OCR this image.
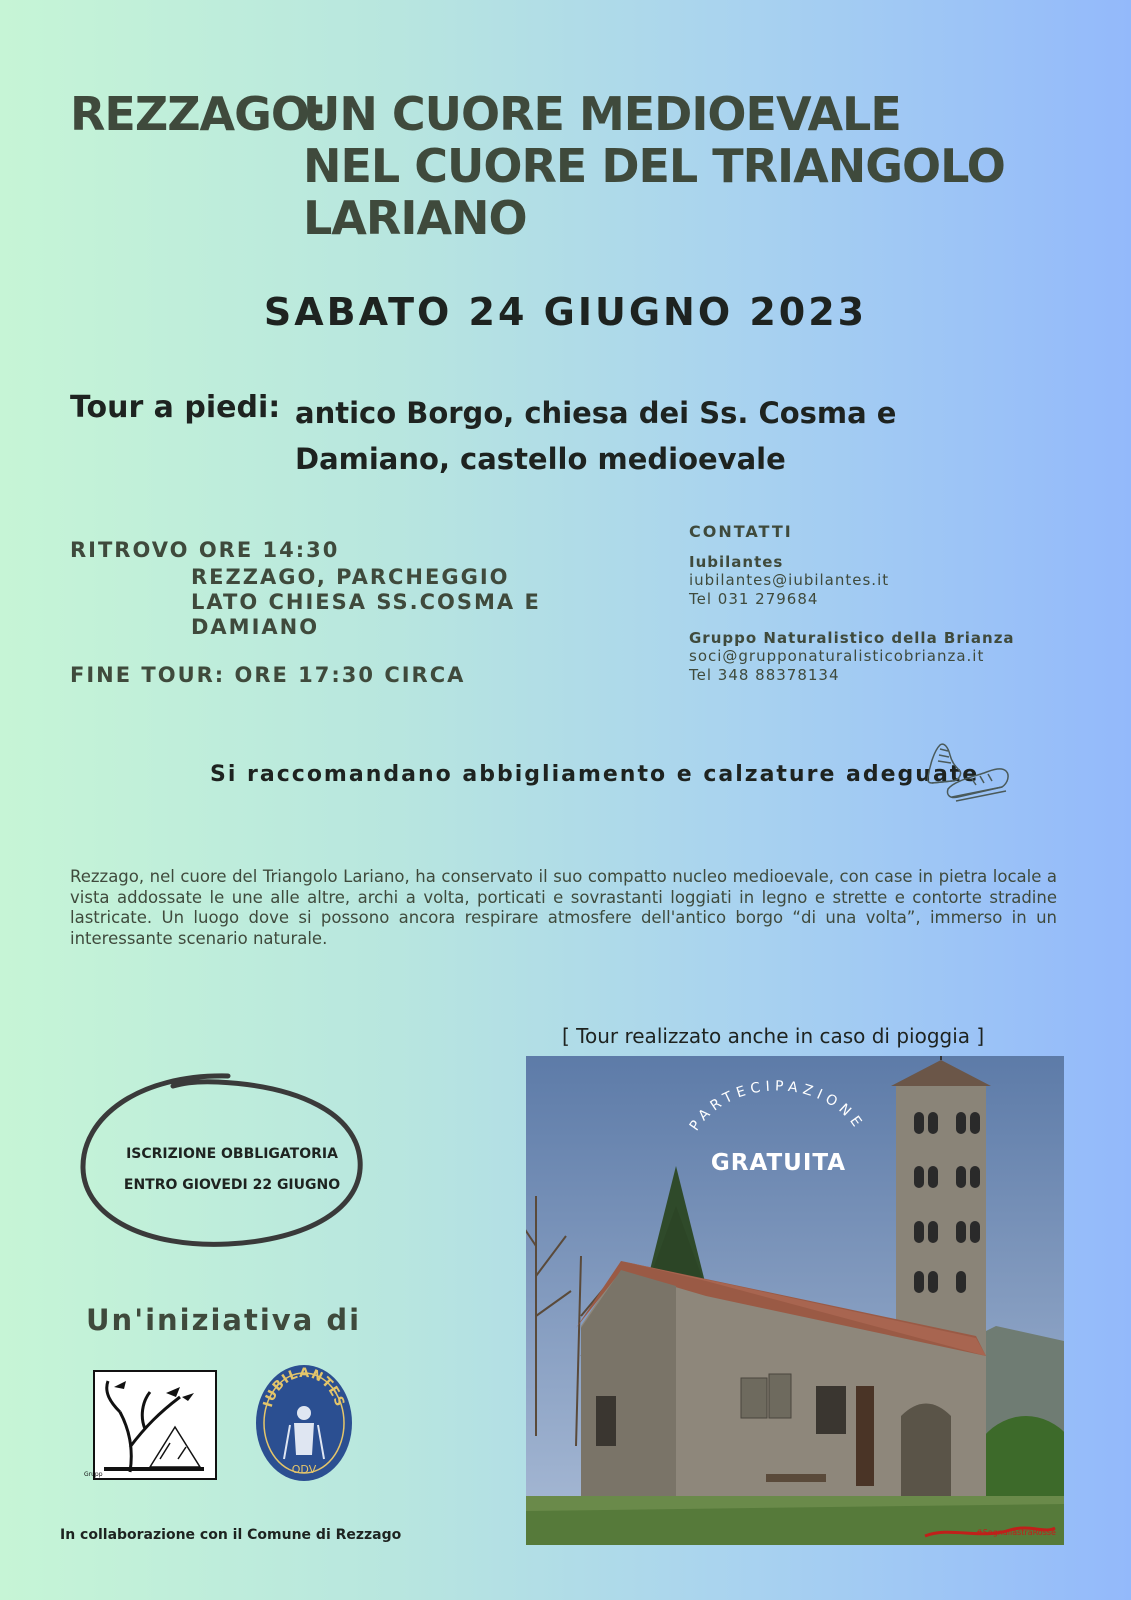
REZZAGO:
UN CUORE MEDIOEVALE
NEL CUORE DEL TRIANGOLO
LARIANO
SABATO 24 GIUGNO 2023
Tour a piedi: antico Borgo, chiesa dei Ss. Cosma e Damiano, castello medioevale
RITROVO ORE 14:30
REZZAGO, PARCHEGGIO
LATO CHIESA SS.COSMA E
DAMIANO
FINE TOUR: ORE 17:30 CIRCA
CONTATTI
Iubilantes
iubilantes@iubilantes.it
Tel 031 279684
Gruppo Naturalistico della Brianza
soci@grupponaturalisticobrianza.it
Tel 348 88378134
Si raccomandano abbigliamento e calzature adeguate
Rezzago, nel cuore del Triangolo Lariano, ha conservato il suo compatto nucleo medioevale, con case in pietra locale a vista addossate le une alle altre, archi a volta, porticati e sovrastanti loggiati in legno e strette e contorte stradine lastricate. Un luogo dove si possono ancora respirare atmosfere dell'antico borgo “di una volta”, immerso in un interessante scenario naturale.
[ Tour realizzato anche in caso di pioggia ]
PARTECIPAZIONE
GRATUITA
#SegnaliastraRosse
ISCRIZIONE OBBLIGATORIA
ENTRO GIOVEDI 22 GIUGNO
Un'iniziativa di
Grupp
IUBILANTES
ODV
In collaborazione con il Comune di Rezzago
